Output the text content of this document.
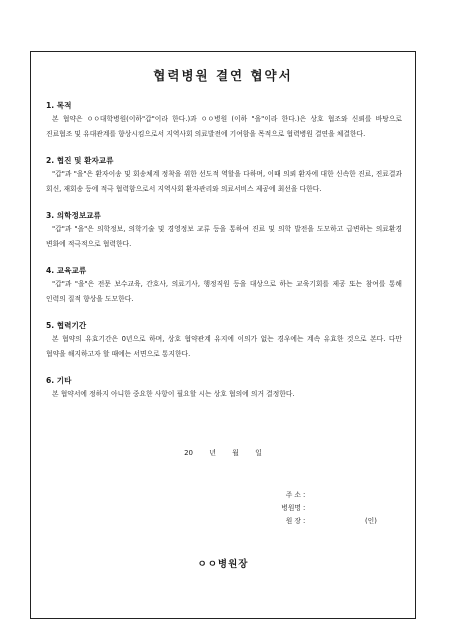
협력병원 결연 협약서
1. 목적
본 협약은 ㅇㅇ대학병원(이하"갑"이라 한다.)과 ㅇㅇ병원 (이하 "을"이라 한다.)은 상호 협조와 신뢰를 바탕으로 진료협조 및 유대관계를 향상시킴으로서 지역사회 의료발전에 기여함을 목적으로 협력병원 결연을 체결한다.
2. 협진 및 환자교류
"갑"과 "을"은 환자이송 및 회송체계 정착을 위한 선도적 역할을 다하며, 이때 의뢰 환자에 대한 신속한 진료, 진료결과 회신, 재회송 등에 적극 협력함으로서 지역사회 환자관리와 의료서비스 제공에 최선을 다한다.
3. 의학정보교류
"갑"과 "을"은 의학정보, 의학기술 및 경영정보 교류 등을 통하여 진료 및 의학 발전을 도모하고 급변하는 의료환경 변화에 적극적으로 협력한다.
4. 교육교류
"갑"과 "을"은 전문 보수교육, 간호사, 의료기사, 행정직원 등을 대상으로 하는 교육기회를 제공 또는 참여를 통해 인력의 질적 향상을 도모한다.
5. 협력기간
본 협약의 유효기간은 0년으로 하며, 상호 협약관계 유지에 이의가 없는 경우에는 계속 유효한 것으로 본다. 다만 협약을 해지하고자 할 때에는 서면으로 통지한다.
6. 기타
본 협약서에 정하지 아니한 중요한 사항이 필요할 시는 상호 협의에 의거 결정한다.
20 년 월 일
주 소 :
병원명 :
원 장 :	(인)
ㅇㅇ병원장
